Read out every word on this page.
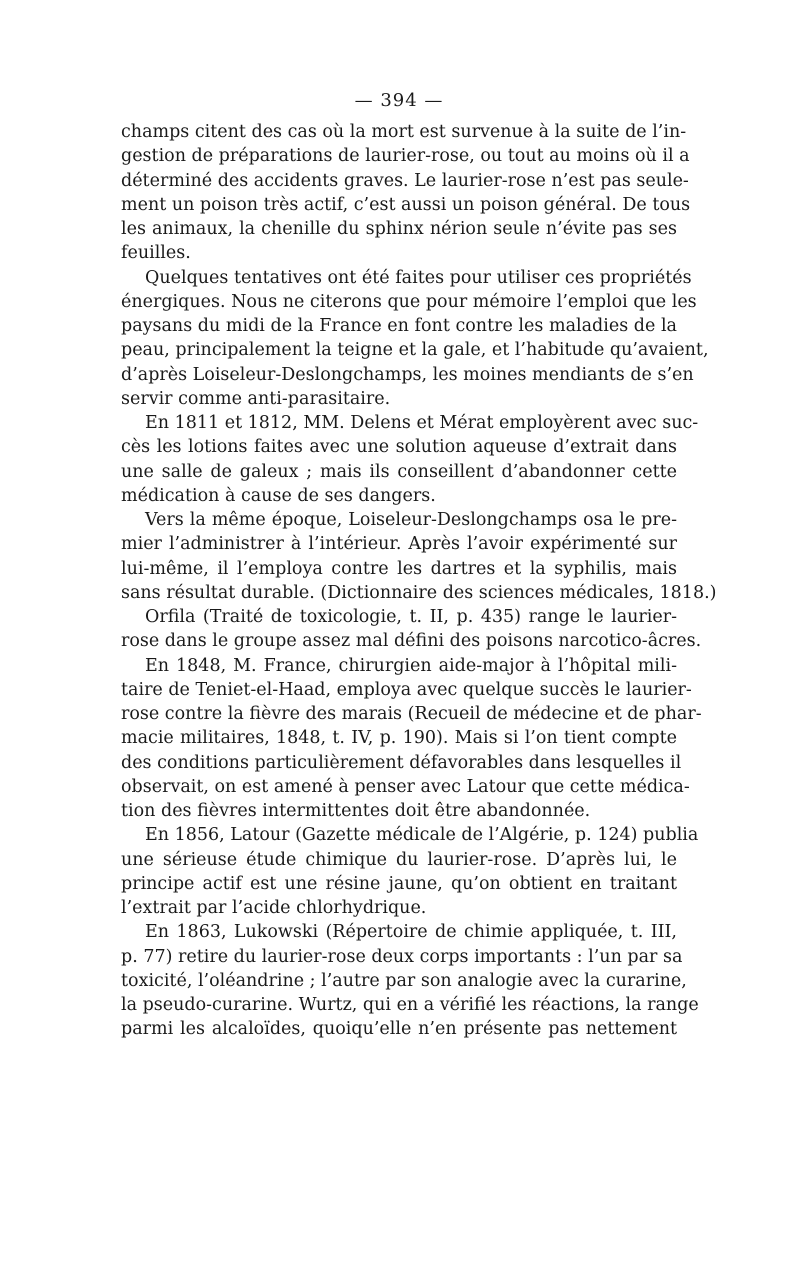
— 394 —
champs citent des cas où la mort est survenue à la suite de l’in-
gestion de préparations de laurier-rose, ou tout au moins où il a
déterminé des accidents graves. Le laurier-rose n’est pas seule-
ment un poison très actif, c’est aussi un poison général. De tous
les animaux, la chenille du sphinx nérion seule n’évite pas ses
feuilles.
Quelques tentatives ont été faites pour utiliser ces propriétés
énergiques. Nous ne citerons que pour mémoire l’emploi que les
paysans du midi de la France en font contre les maladies de la
peau, principalement la teigne et la gale, et l’habitude qu’avaient,
d’après Loiseleur-Deslongchamps, les moines mendiants de s’en
servir comme anti-parasitaire.
En 1811 et 1812, MM. Delens et Mérat employèrent avec suc-
cès les lotions faites avec une solution aqueuse d’extrait dans
une salle de galeux ; mais ils conseillent d’abandonner cette
médication à cause de ses dangers.
Vers la même époque, Loiseleur-Deslongchamps osa le pre-
mier l’administrer à l’intérieur. Après l’avoir expérimenté sur
lui-même, il l’employa contre les dartres et la syphilis, mais
sans résultat durable. (Dictionnaire des sciences médicales, 1818.)
Orfila (Traité de toxicologie, t. II, p. 435) range le laurier-
rose dans le groupe assez mal défini des poisons narcotico-âcres.
En 1848, M. France, chirurgien aide-major à l’hôpital mili-
taire de Teniet-el-Haad, employa avec quelque succès le laurier-
rose contre la fièvre des marais (Recueil de médecine et de phar-
macie militaires, 1848, t. IV, p. 190). Mais si l’on tient compte
des conditions particulièrement défavorables dans lesquelles il
observait, on est amené à penser avec Latour que cette médica-
tion des fièvres intermittentes doit être abandonnée.
En 1856, Latour (Gazette médicale de l’Algérie, p. 124) publia
une sérieuse étude chimique du laurier-rose. D’après lui, le
principe actif est une résine jaune, qu’on obtient en traitant
l’extrait par l’acide chlorhydrique.
En 1863, Lukowski (Répertoire de chimie appliquée, t. III,
p. 77) retire du laurier-rose deux corps importants : l’un par sa
toxicité, l’oléandrine ; l’autre par son analogie avec la curarine,
la pseudo-curarine. Wurtz, qui en a vérifié les réactions, la range
parmi les alcaloïdes, quoiqu’elle n’en présente pas nettement
